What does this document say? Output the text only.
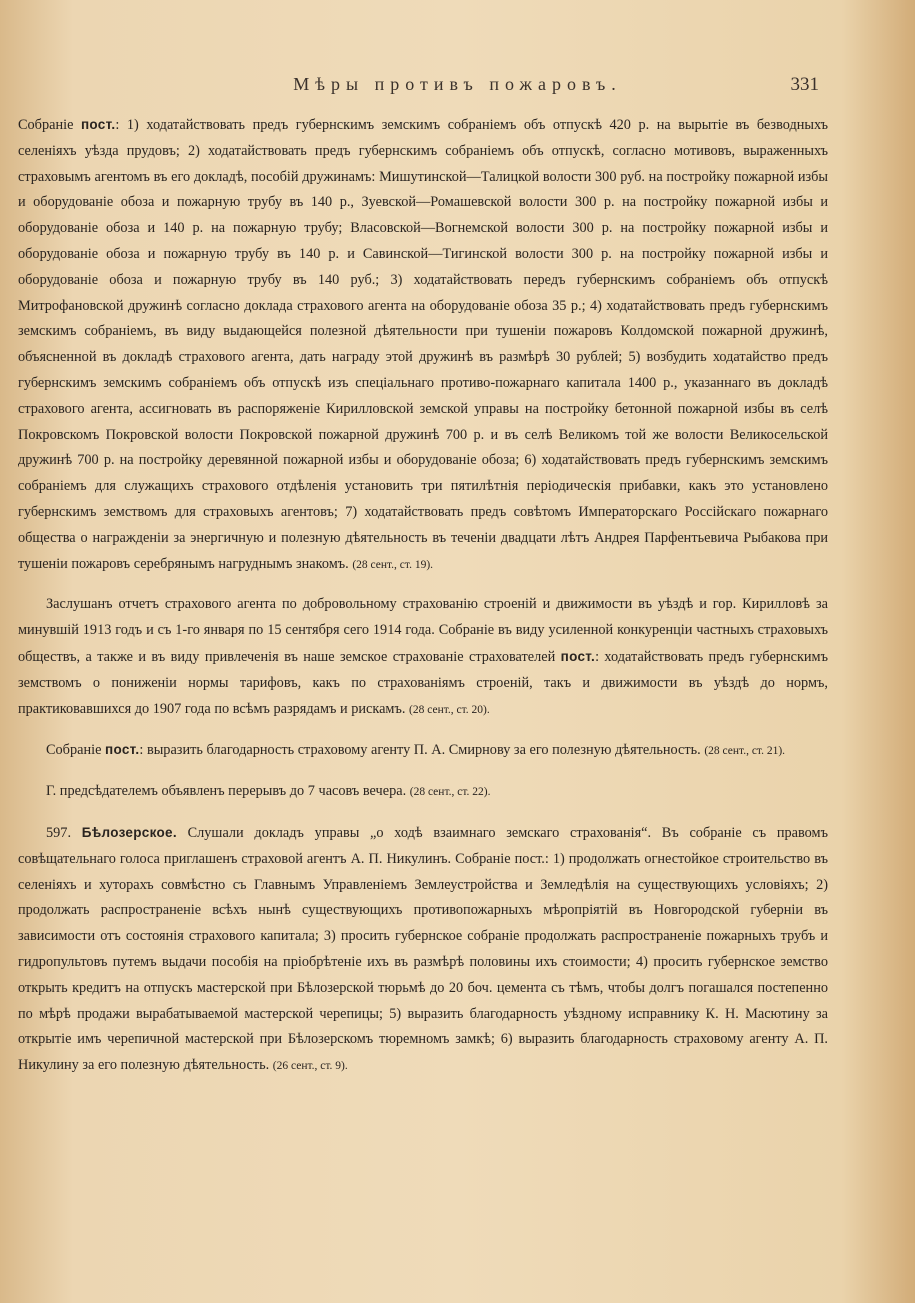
Мѣры противъ пожаровъ.	331

Собраніе пост.: 1) ходатайствовать предъ губернскимъ земскимъ собраніемъ объ отпускѣ 420 р. на вырытіе въ безводныхъ селеніяхъ уѣзда прудовъ; 2) ходатайствовать предъ губернскимъ собраніемъ объ отпускѣ, согласно мотивовъ, выраженныхъ страховымъ агентомъ въ его докладѣ, пособій дружинамъ: Мишутинской—Талицкой волости 300 руб. на постройку пожарной избы и оборудованіе обоза и пожарную трубу въ 140 р., Зуевской—Ромашевской волости 300 р. на постройку пожарной избы и оборудованіе обоза и 140 р. на пожарную трубу; Власовской—Вогнемской волости 300 р. на постройку пожарной избы и оборудованіе обоза и пожарную трубу въ 140 р. и Савинской—Тигинской волости 300 р. на постройку пожарной избы и оборудованіе обоза и пожарную трубу въ 140 руб.; 3) ходатайствовать передъ губернскимъ собраніемъ объ отпускѣ Митрофановской дружинѣ согласно доклада страхового агента на оборудованіе обоза 35 р.; 4) ходатайствовать предъ губернскимъ земскимъ собраніемъ, въ виду выдающейся полезной дѣятельности при тушеніи пожаровъ Колдомской пожарной дружинѣ, объясненной въ докладѣ страхового агента, дать награду этой дружинѣ въ размѣрѣ 30 рублей; 5) возбудить ходатайство предъ губернскимъ земскимъ собраніемъ объ отпускѣ изъ спеціальнаго противо-пожарнаго капитала 1400 р., указаннаго въ докладѣ страхового агента, ассигновать въ распоряженіе Кирилловской земской управы на постройку бетонной пожарной избы въ селѣ Покровскомъ Покровской волости Покровской пожарной дружинѣ 700 р. и въ селѣ Великомъ той же волости Великосельской дружинѣ 700 р. на постройку деревянной пожарной избы и оборудованіе обоза; 6) ходатайствовать предъ губернскимъ земскимъ собраніемъ для служащихъ страхового отдѣленія установить три пятилѣтнія періодическія прибавки, какъ это установлено губернскимъ земствомъ для страховыхъ агентовъ; 7) ходатайствовать предъ совѣтомъ Императорскаго Россійскаго пожарнаго общества о награжденіи за энергичную и полезную дѣятельность въ теченіи двадцати лѣтъ Андрея Парфентьевича Рыбакова при тушеніи пожаровъ серебрянымъ нагруднымъ знакомъ. (28 сент., ст. 19).

Заслушанъ отчетъ страхового агента по добровольному страхованію строеній и движимости въ уѣздѣ и гор. Кирилловѣ за минувшій 1913 годъ и съ 1-го января по 15 сентября сего 1914 года. Собраніе въ виду усиленной конкуренціи частныхъ страховыхъ обществъ, а также и въ виду привлеченія въ наше земское страхованіе страхователей пост.: ходатайствовать предъ губернскимъ земствомъ о пониженіи нормы тарифовъ, какъ по страхованіямъ строеній, такъ и движимости въ уѣздѣ до нормъ, практиковавшихся до 1907 года по всѣмъ разрядамъ и рискамъ. (28 сент., ст. 20).

Собраніе пост.: выразить благодарность страховому агенту П. А. Смирнову за его полезную дѣятельность. (28 сент., ст. 21).

Г. предсѣдателемъ объявленъ перерывъ до 7 часовъ вечера. (28 сент., ст. 22).

597. Бѣлозерское. Слушали докладъ управы „о ходѣ взаимнаго земскаго страхованія“. Въ собраніе съ правомъ совѣщательнаго голоса приглашенъ страховой агентъ А. П. Никулинъ. Собраніе пост.: 1) продолжать огнестойкое строительство въ селеніяхъ и хуторахъ совмѣстно съ Главнымъ Управленіемъ Землеустройства и Земледѣлія на существующихъ условіяхъ; 2) продолжать распространеніе всѣхъ нынѣ существующихъ противопожарныхъ мѣропріятій въ Новгородской губерніи въ зависимости отъ состоянія страхового капитала; 3) просить губернское собраніе продолжать распространеніе пожарныхъ трубъ и гидропультовъ путемъ выдачи пособія на пріобрѣтеніе ихъ въ размѣрѣ половины ихъ стоимости; 4) просить губернское земство открыть кредитъ на отпускъ мастерской при Бѣлозерской тюрьмѣ до 20 боч. цемента съ тѣмъ, чтобы долгъ погашался постепенно по мѣрѣ продажи вырабатываемой мастерской черепицы; 5) выразить благодарность уѣздному исправнику К. Н. Масютину за открытіе имъ черепичной мастерской при Бѣлозерскомъ тюремномъ замкѣ; 6) выразить благодарность страховому агенту А. П. Никулину за его полезную дѣятельность. (26 сент., ст. 9).
